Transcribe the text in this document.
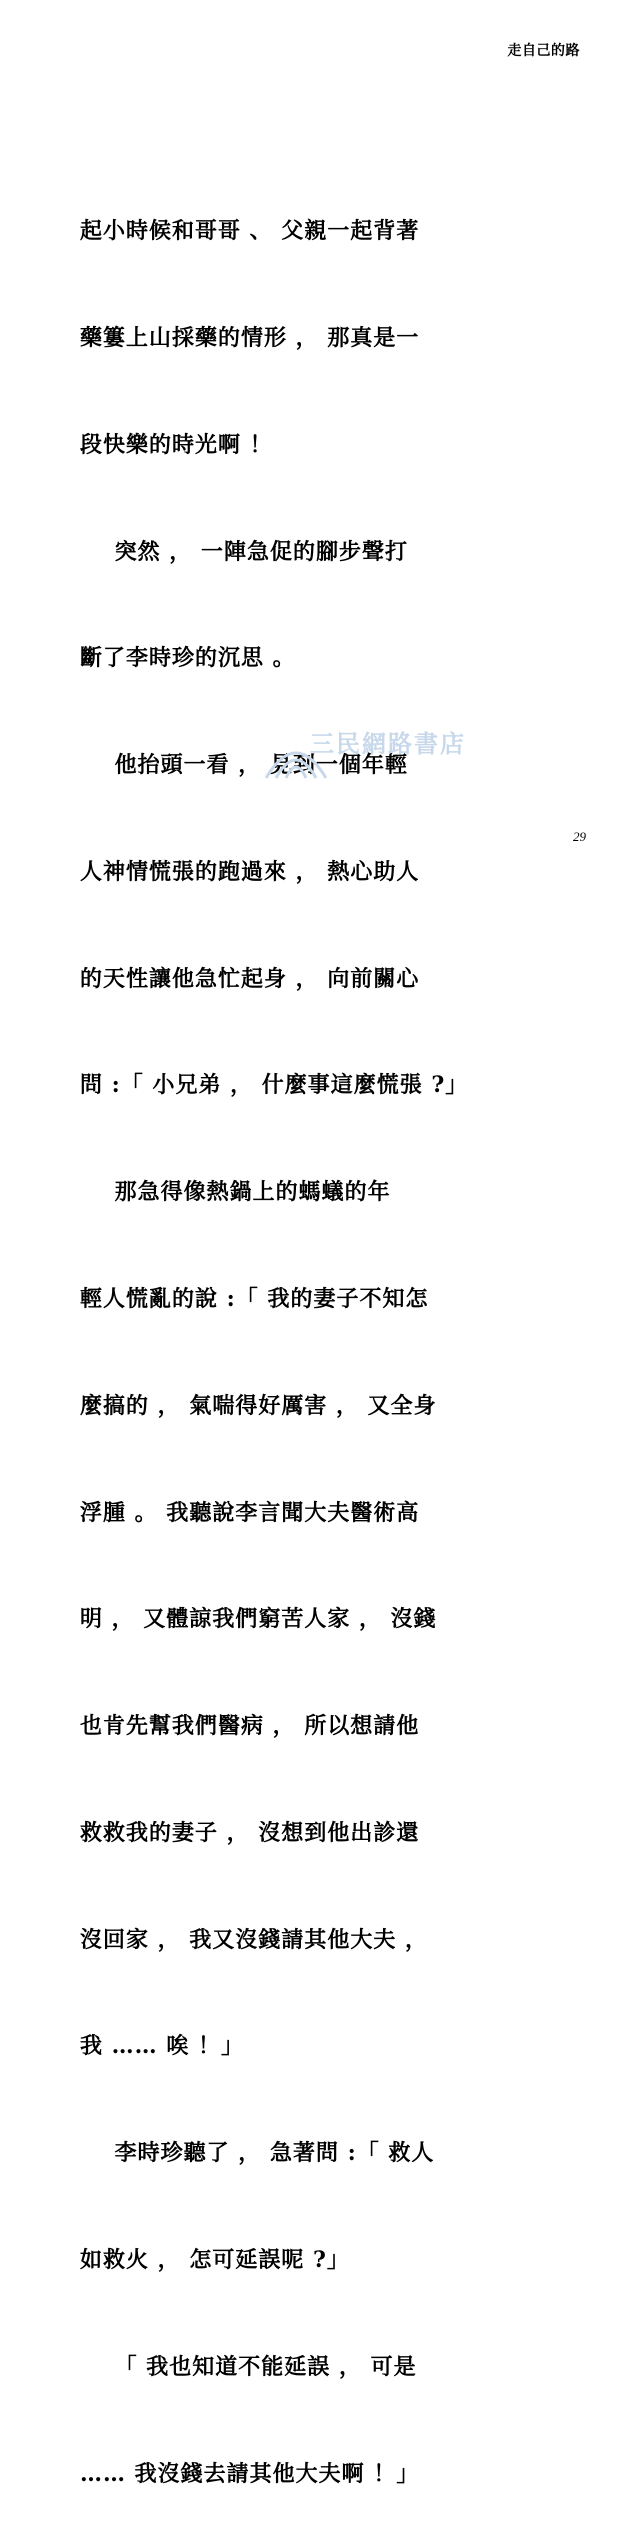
走自己的路

起小時候和哥哥 、 父親一起背著

藥簍上山採藥的情形 ， 那真是一

段快樂的時光啊 ！

突然 ， 一陣急促的腳步聲打

斷了李時珍的沉思 。

他抬頭一看 ， 見到一個年輕

人神情慌張的跑過來 ， 熱心助人

的天性讓他急忙起身 ， 向前關心

問 :「 小兄弟 ， 什麼事這麼慌張 ?」

那急得像熱鍋上的螞蟻的年

輕人慌亂的說 :「 我的妻子不知怎

麼搞的 ， 氣喘得好厲害 ， 又全身

浮腫 。 我聽說李言聞大夫醫術高

明 ， 又體諒我們窮苦人家 ， 沒錢

也肯先幫我們醫病 ， 所以想請他

救救我的妻子 ， 沒想到他出診還

沒回家 ， 我又沒錢請其他大夫 ，

我 …… 唉 ！」

李時珍聽了 ， 急著問 :「 救人

如救火 ， 怎可延誤呢 ?」

「 我也知道不能延誤 ， 可是

…… 我沒錢去請其他大夫啊 ！」

三民網路書店
29
